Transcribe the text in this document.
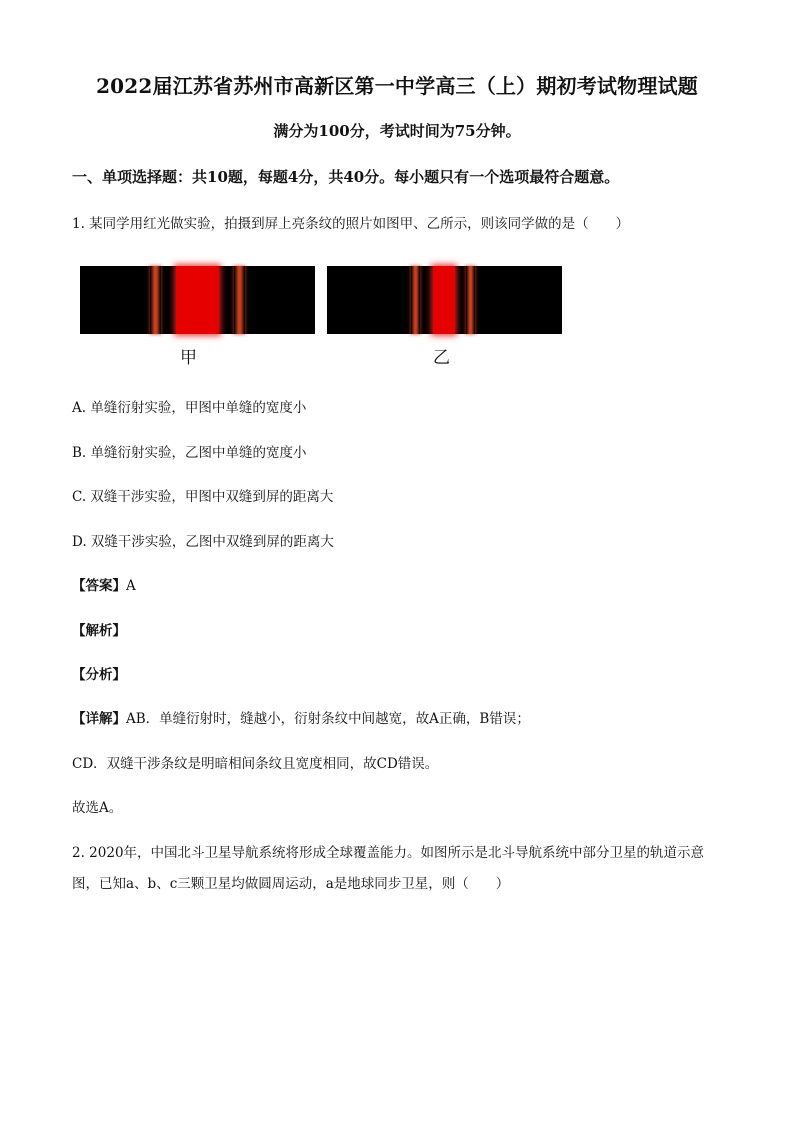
2022届江苏省苏州市高新区第一中学高三（上）期初考试物理试题
满分为100分，考试时间为75分钟。
一、单项选择题：共10题，每题4分，共40分。每小题只有一个选项最符合题意。
1. 某同学用红光做实验，拍摄到屏上亮条纹的照片如图甲、乙所示，则该同学做的是（　　）
甲	乙
A. 单缝衍射实验，甲图中单缝的宽度小
B. 单缝衍射实验，乙图中单缝的宽度小
C. 双缝干涉实验，甲图中双缝到屏的距离大
D. 双缝干涉实验，乙图中双缝到屏的距离大
【答案】A
【解析】
【分析】
【详解】AB．单缝衍射时，缝越小，衍射条纹中间越宽，故A正确，B错误；
CD．双缝干涉条纹是明暗相间条纹且宽度相同，故CD错误。
故选A。
2. 2020年，中国北斗卫星导航系统将形成全球覆盖能力。如图所示是北斗导航系统中部分卫星的轨道示意
图，已知a、b、c三颗卫星均做圆周运动，a是地球同步卫星，则（　　）
